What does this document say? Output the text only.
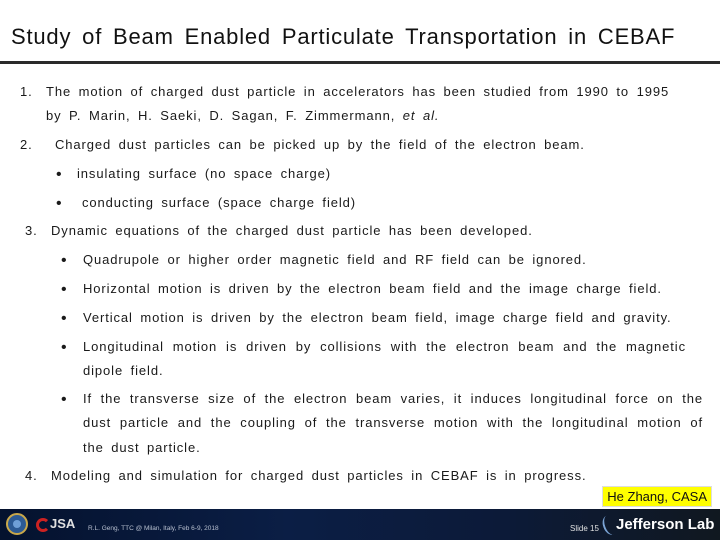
Study of Beam Enabled Particulate Transportation in CEBAF
1. The motion of charged dust particle in accelerators has been studied from 1990 to 1995
by P. Marin, H. Saeki, D. Sagan, F. Zimmermann, et al.
2. Charged dust particles can be picked up by the field of the electron beam.
• insulating surface (no space charge)
• conducting surface (space charge field)
3. Dynamic equations of the charged dust particle has been developed.
• Quadrupole or higher order magnetic field and RF field can be ignored.
• Horizontal motion is driven by the electron beam field and the image charge field.
• Vertical motion is driven by the electron beam field, image charge field and gravity.
• Longitudinal motion is driven by collisions with the electron beam and the magnetic
dipole field.
• If the transverse size of the electron beam varies, it induces longitudinal force on the
dust particle and the coupling of the transverse motion with the longitudinal motion of
the dust particle.
4. Modeling and simulation for charged dust particles in CEBAF is in progress.
He Zhang, CASA
JSA R.L. Geng, TTC @ Milan, Italy, Feb 6-9, 2018	Slide 15 Jefferson Lab
